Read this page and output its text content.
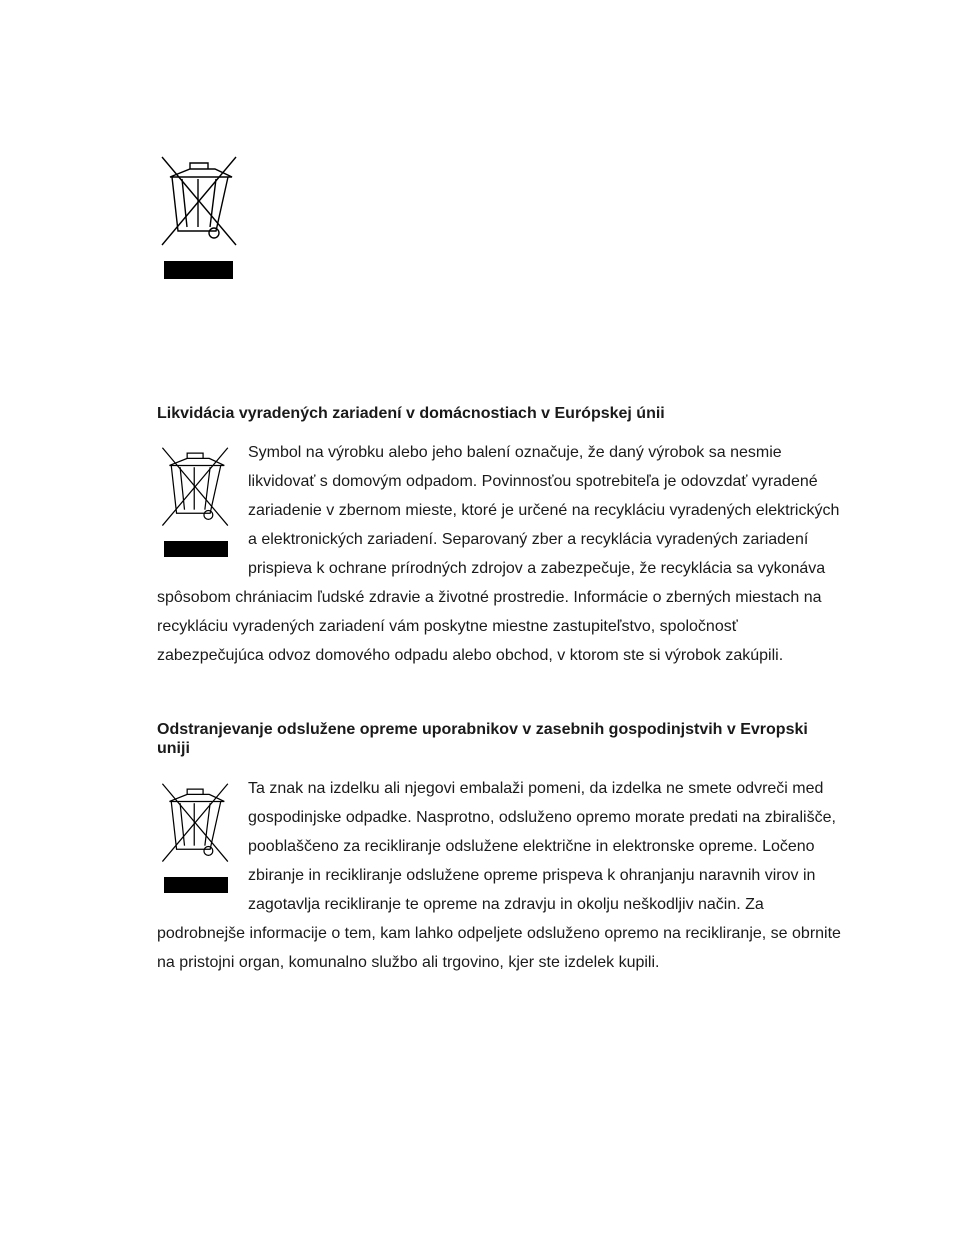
Likvidácia vyradených zariadení v domácnostiach v Európskej únii
Symbol na výrobku alebo jeho balení označuje, že daný výrobok sa nesmie
likvidovať s domovým odpadom. Povinnosťou spotrebiteľa je odovzdať vyradené
zariadenie v zbernom mieste, ktoré je určené na recykláciu vyradených elektrických
a elektronických zariadení. Separovaný zber a recyklácia vyradených zariadení
prispieva k ochrane prírodných zdrojov a zabezpečuje, že recyklácia sa vykonáva
spôsobom chrániacim ľudské zdravie a životné prostredie. Informácie o zberných miestach na
recykláciu vyradených zariadení vám poskytne miestne zastupiteľstvo, spoločnosť
zabezpečujúca odvoz domového odpadu alebo obchod, v ktorom ste si výrobok zakúpili.
Odstranjevanje odslužene opreme uporabnikov v zasebnih gospodinjstvih v Evropski
uniji
Ta znak na izdelku ali njegovi embalaži pomeni, da izdelka ne smete odvreči med
gospodinjske odpadke. Nasprotno, odsluženo opremo morate predati na zbirališče,
pooblaščeno za recikliranje odslužene električne in elektronske opreme. Ločeno
zbiranje in recikliranje odslužene opreme prispeva k ohranjanju naravnih virov in
zagotavlja recikliranje te opreme na zdravju in okolju neškodljiv način. Za
podrobnejše informacije o tem, kam lahko odpeljete odsluženo opremo na recikliranje, se obrnite
na pristojni organ, komunalno službo ali trgovino, kjer ste izdelek kupili.
